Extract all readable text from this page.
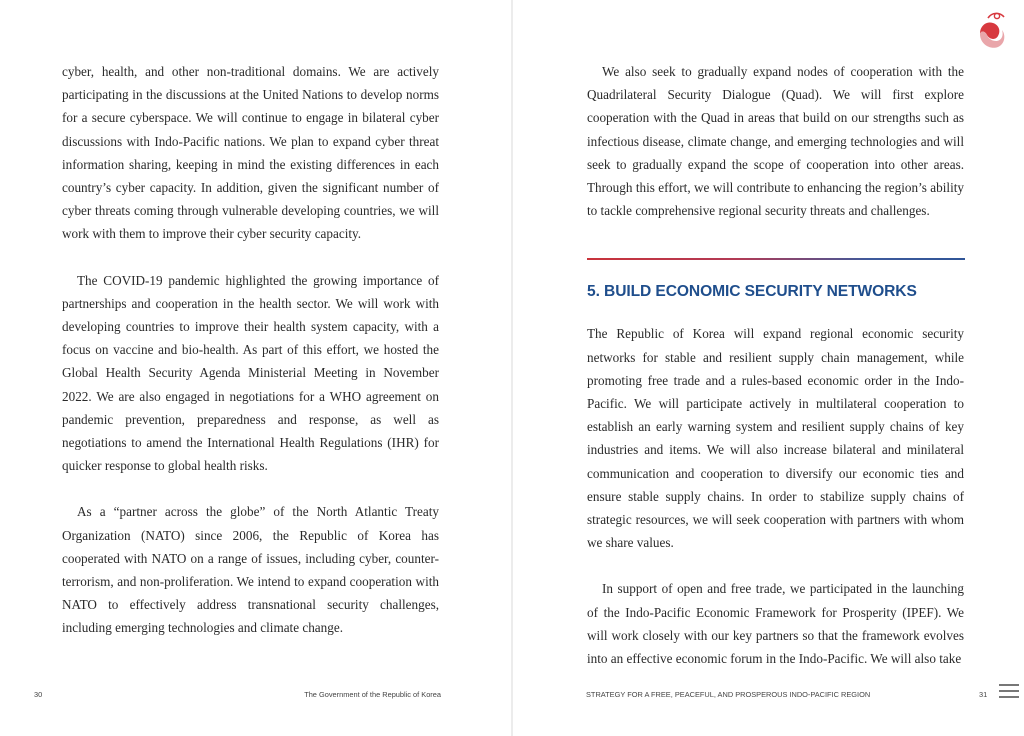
cyber, health, and other non-traditional domains. We are actively participating in the discussions at the United Nations to develop norms for a secure cyberspace. We will continue to engage in bilateral cyber discussions with Indo-Pacific nations. We plan to expand cyber threat information sharing, keeping in mind the existing differences in each country’s cyber capacity. In addition, given the significant number of cyber threats coming through vulnerable developing countries, we will work with them to improve their cyber security capacity.

The COVID-19 pandemic highlighted the growing importance of partnerships and cooperation in the health sector. We will work with developing countries to improve their health system capacity, with a focus on vaccine and bio-health. As part of this effort, we hosted the Global Health Security Agenda Ministerial Meeting in November 2022. We are also engaged in negotiations for a WHO agreement on pandemic prevention, preparedness and response, as well as negotiations to amend the International Health Regulations (IHR) for quicker response to global health risks.

As a “partner across the globe” of the North Atlantic Treaty Organization (NATO) since 2006, the Republic of Korea has cooperated with NATO on a range of issues, including cyber, counter-terrorism, and non-proliferation. We intend to expand cooperation with NATO to effectively address transnational security challenges, including emerging technologies and climate change.

30	The Government of the Republic of Korea

We also seek to gradually expand nodes of cooperation with the Quadrilateral Security Dialogue (Quad). We will first explore cooperation with the Quad in areas that build on our strengths such as infectious disease, climate change, and emerging technologies and will seek to gradually expand the scope of cooperation into other areas. Through this effort, we will contribute to enhancing the region’s ability to tackle comprehensive regional security threats and challenges.

5. BUILD ECONOMIC SECURITY NETWORKS

The Republic of Korea will expand regional economic security networks for stable and resilient supply chain management, while promoting free trade and a rules-based economic order in the Indo-Pacific. We will participate actively in multilateral cooperation to establish an early warning system and resilient supply chains of key industries and items. We will also increase bilateral and minilateral communication and cooperation to diversify our economic ties and ensure stable supply chains. In order to stabilize supply chains of strategic resources, we will seek cooperation with partners with whom we share values.

In support of open and free trade, we participated in the launching of the Indo-Pacific Economic Framework for Prosperity (IPEF). We will work closely with our key partners so that the framework evolves into an effective economic forum in the Indo-Pacific. We will also take

STRATEGY FOR A FREE, PEACEFUL, AND PROSPEROUS INDO-PACIFIC REGION	31
